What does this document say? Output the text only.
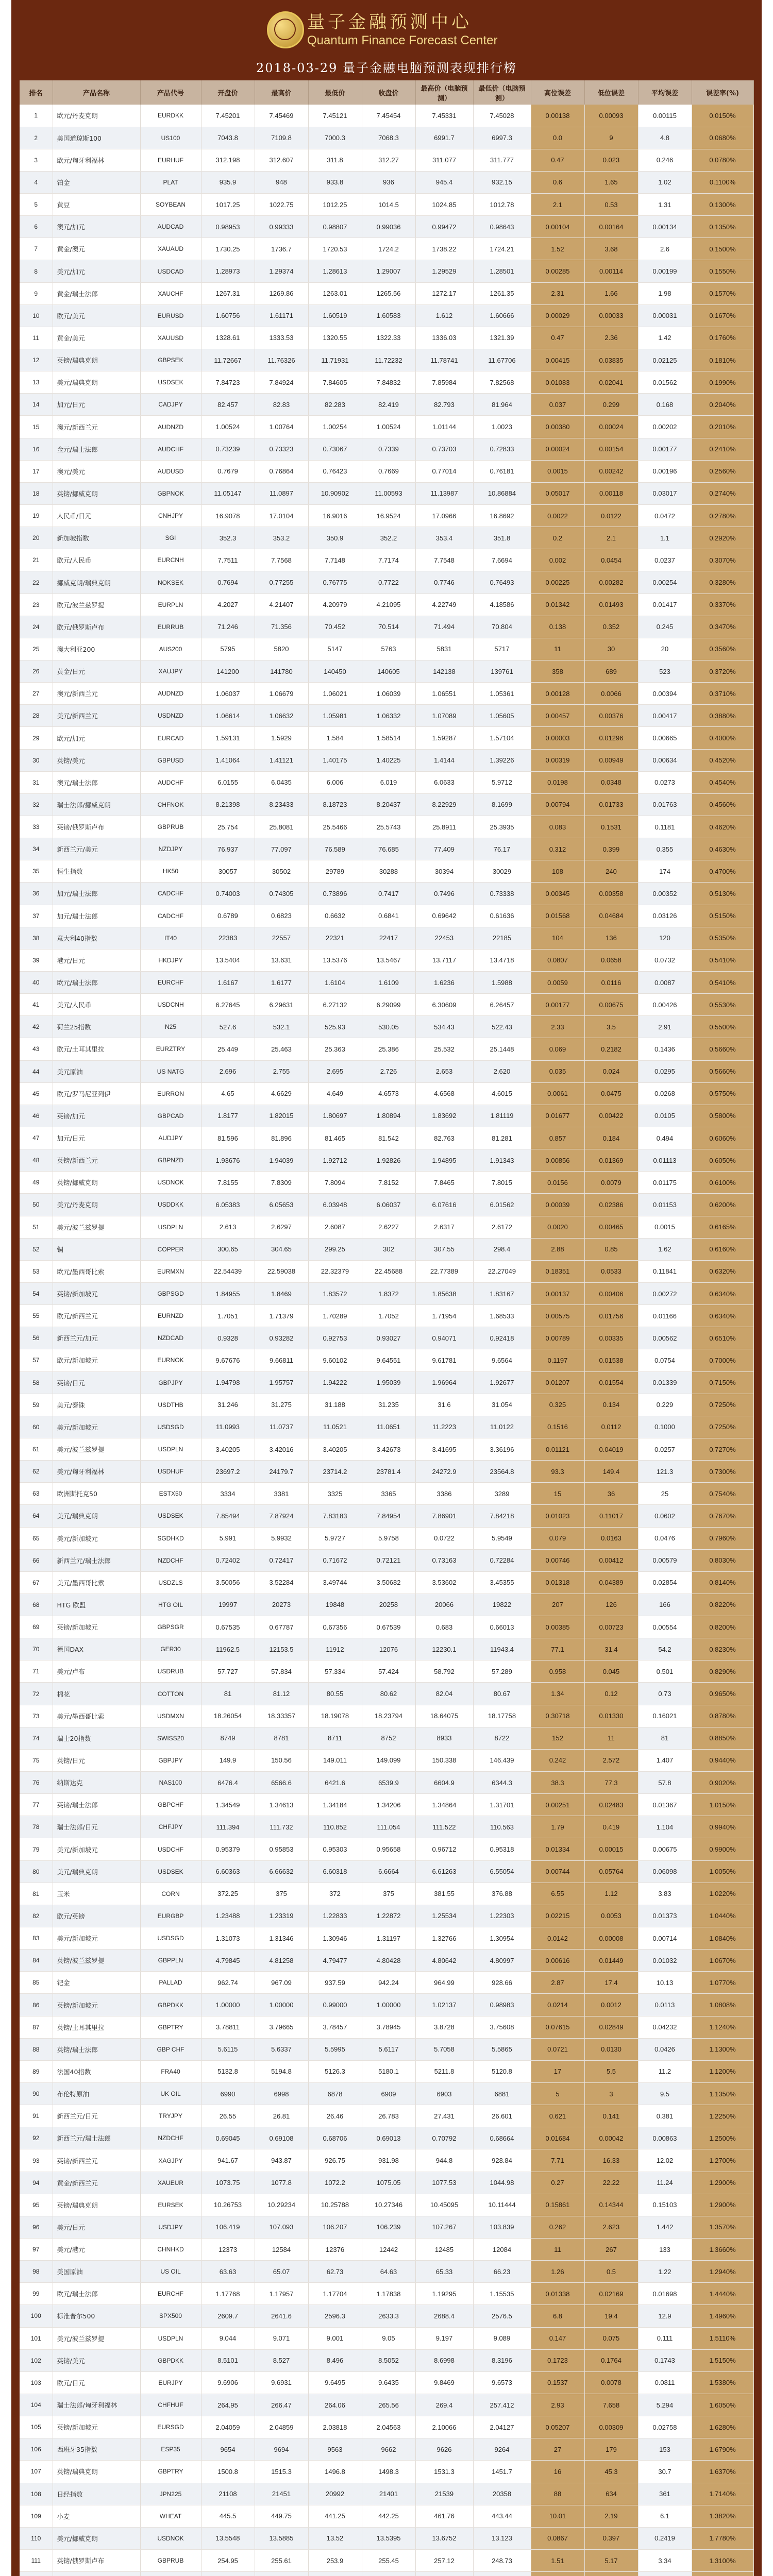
量子金融预测中心
Quantum Finance Forecast Center
2018-03-29 量子金融电脑预测表现排行榜
排名	产品名称	产品代号	开盘价	最高价	最低价	收盘价	最高价（电脑预测）	最低价（电脑预测）	高位误差	低位误差	平均误差	误差率(%)
1	欧元/丹麦克朗	EURDKK	7.45201	7.45469	7.45121	7.45454	7.45331	7.45028	0.00138	0.00093	0.00115	0.0150%
2	美国道琼斯100	US100	7043.8	7109.8	7000.3	7068.3	6991.7	6997.3	0.0	9	4.8	0.0680%
3	欧元/匈牙利福林	EURHUF	312.198	312.607	311.8	312.27	311.077	311.777	0.47	0.023	0.246	0.0780%
4	铂金	PLAT	935.9	948	933.8	936	945.4	932.15	0.6	1.65	1.02	0.1100%
5	黄豆	SOYBEAN	1017.25	1022.75	1012.25	1014.5	1024.85	1012.78	2.1	0.53	1.31	0.1300%
6	澳元/加元	AUDCAD	0.98953	0.99333	0.98807	0.99036	0.99472	0.98643	0.00104	0.00164	0.00134	0.1350%
7	黄金/澳元	XAUAUD	1730.25	1736.7	1720.53	1724.2	1738.22	1724.21	1.52	3.68	2.6	0.1500%
8	美元/加元	USDCAD	1.28973	1.29374	1.28613	1.29007	1.29529	1.28501	0.00285	0.00114	0.00199	0.1550%
9	黄金/瑞士法郎	XAUCHF	1267.31	1269.86	1263.01	1265.56	1272.17	1261.35	2.31	1.66	1.98	0.1570%
10	欧元/美元	EURUSD	1.60756	1.61171	1.60519	1.60583	1.612	1.60666	0.00029	0.00033	0.00031	0.1670%
11	黄金/美元	XAUUSD	1328.61	1333.53	1320.55	1322.33	1336.03	1321.39	0.47	2.36	1.42	0.1760%
12	英镑/瑞典克朗	GBPSEK	11.72667	11.76326	11.71931	11.72232	11.78741	11.67706	0.00415	0.03835	0.02125	0.1810%
13	美元/瑞典克朗	USDSEK	7.84723	7.84924	7.84605	7.84832	7.85984	7.82568	0.01083	0.02041	0.01562	0.1990%
14	加元/日元	CADJPY	82.457	82.83	82.283	82.419	82.793	81.964	0.037	0.299	0.168	0.2040%
15	澳元/新西兰元	AUDNZD	1.00524	1.00764	1.00254	1.00524	1.01144	1.0023	0.00380	0.00024	0.00202	0.2010%
16	金元/瑞士法郎	AUDCHF	0.73239	0.73323	0.73067	0.7339	0.73703	0.72833	0.00024	0.00154	0.00177	0.2410%
17	澳元/美元	AUDUSD	0.7679	0.76864	0.76423	0.7669	0.77014	0.76181	0.0015	0.00242	0.00196	0.2560%
18	英镑/挪威克朗	GBPNOK	11.05147	11.0897	10.90902	11.00593	11.13987	10.86884	0.05017	0.00118	0.03017	0.2740%
19	人民币/日元	CNHJPY	16.9078	17.0104	16.9016	16.9524	17.0966	16.8692	0.0022	0.0122	0.0472	0.2780%
20	新加坡指数	SGI	352.3	353.2	350.9	352.2	353.4	351.8	0.2	2.1	1.1	0.2920%
21	欧元/人民币	EURCNH	7.7511	7.7568	7.7148	7.7174	7.7548	7.6694	0.002	0.0454	0.0237	0.3070%
22	挪威克朗/瑞典克朗	NOKSEK	0.7694	0.77255	0.76775	0.7722	0.7746	0.76493	0.00225	0.00282	0.00254	0.3280%
23	欧元/波兰兹罗提	EURPLN	4.2027	4.21407	4.20979	4.21095	4.22749	4.18586	0.01342	0.01493	0.01417	0.3370%
24	欧元/俄罗斯卢布	EURRUB	71.246	71.356	70.452	70.514	71.494	70.804	0.138	0.352	0.245	0.3470%
25	澳大利亚200	AUS200	5795	5820	5147	5763	5831	5717	11	30	20	0.3560%
26	黄金/日元	XAUJPY	141200	141780	140450	140605	142138	139761	358	689	523	0.3720%
27	澳元/新西兰元	AUDNZD	1.06037	1.06679	1.06021	1.06039	1.06551	1.05361	0.00128	0.0066	0.00394	0.3710%
28	美元/新西兰元	USDNZD	1.06614	1.06632	1.05981	1.06332	1.07089	1.05605	0.00457	0.00376	0.00417	0.3880%
29	欧元/加元	EURCAD	1.59131	1.5929	1.584	1.58514	1.59287	1.57104	0.00003	0.01296	0.00665	0.4000%
30	英镑/美元	GBPUSD	1.41064	1.41121	1.40175	1.40225	1.4144	1.39226	0.00319	0.00949	0.00634	0.4520%
31	澳元/瑞士法郎	AUDCHF	6.0155	6.0435	6.006	6.019	6.0633	5.9712	0.0198	0.0348	0.0273	0.4540%
32	瑞士法郎/挪威克朗	CHFNOK	8.21398	8.23433	8.18723	8.20437	8.22929	8.1699	0.00794	0.01733	0.01763	0.4560%
33	英镑/俄罗斯卢布	GBPRUB	25.754	25.8081	25.5466	25.5743	25.8911	25.3935	0.083	0.1531	0.1181	0.4620%
34	新西兰元/美元	NZDJPY	76.937	77.097	76.589	76.685	77.409	76.17	0.312	0.399	0.355	0.4630%
35	恒生指数	HK50	30057	30502	29789	30288	30394	30029	108	240	174	0.4700%
36	加元/瑞士法郎	CADCHF	0.74003	0.74305	0.73896	0.7417	0.7496	0.73338	0.00345	0.00358	0.00352	0.5130%
37	加元/瑞士法郎	CADCHF	0.6789	0.6823	0.6632	0.6841	0.69642	0.61636	0.01568	0.04684	0.03126	0.5150%
38	意大利40指数	IT40	22383	22557	22321	22417	22453	22185	104	136	120	0.5350%
39	港元/日元	HKDJPY	13.5404	13.631	13.5376	13.5467	13.7117	13.4718	0.0807	0.0658	0.0732	0.5410%
40	欧元/瑞士法郎	EURCHF	1.6167	1.6177	1.6104	1.6109	1.6236	1.5988	0.0059	0.0116	0.0087	0.5410%
41	美元/人民币	USDCNH	6.27645	6.29631	6.27132	6.29099	6.30609	6.26457	0.00177	0.00675	0.00426	0.5530%
42	荷兰25指数	N25	527.6	532.1	525.93	530.05	534.43	522.43	2.33	3.5	2.91	0.5500%
43	欧元/土耳其里拉	EURZTRY	25.449	25.463	25.363	25.386	25.532	25.1448	0.069	0.2182	0.1436	0.5660%
44	美元原油	US NATG	2.696	2.755	2.695	2.726	2.653	2.620	0.035	0.024	0.0295	0.5660%
45	欧元/罗马尼亚列伊	EURRON	4.65	4.6629	4.649	4.6573	4.6568	4.6015	0.0061	0.0475	0.0268	0.5750%
46	英镑/加元	GBPCAD	1.8177	1.82015	1.80697	1.80894	1.83692	1.81119	0.01677	0.00422	0.0105	0.5800%
47	加元/日元	AUDJPY	81.596	81.896	81.465	81.542	82.763	81.281	0.857	0.184	0.494	0.6060%
48	英镑/新西兰元	GBPNZD	1.93676	1.94039	1.92712	1.92826	1.94895	1.91343	0.00856	0.01369	0.01113	0.6050%
49	英镑/挪威克朗	USDNOK	7.8155	7.8309	7.8094	7.8152	7.8465	7.8015	0.0156	0.0079	0.01175	0.6100%
50	美元/丹麦克朗	USDDKK	6.05383	6.05653	6.03948	6.06037	6.07616	6.01562	0.00039	0.02386	0.01153	0.6200%
51	美元/波兰兹罗提	USDPLN	2.613	2.6297	2.6087	2.6227	2.6317	2.6172	0.0020	0.00465	0.0015	0.6165%
52	铜	COPPER	300.65	304.65	299.25	302	307.55	298.4	2.88	0.85	1.62	0.6160%
53	欧元/墨西哥比索	EURMXN	22.54439	22.59038	22.32379	22.45688	22.77389	22.27049	0.18351	0.0533	0.11841	0.6320%
54	英镑/新加坡元	GBPSGD	1.84955	1.8469	1.83572	1.8372	1.85638	1.83167	0.00137	0.00406	0.00272	0.6340%
55	欧元/新西兰元	EURNZD	1.7051	1.71379	1.70289	1.7052	1.71954	1.68533	0.00575	0.01756	0.01166	0.6340%
56	新西兰元/加元	NZDCAD	0.9328	0.93282	0.92753	0.93027	0.94071	0.92418	0.00789	0.00335	0.00562	0.6510%
57	欧元/新加坡元	EURNOK	9.67676	9.66811	9.60102	9.64551	9.61781	9.6564	0.1197	0.01538	0.0754	0.7000%
58	英镑/日元	GBPJPY	1.94798	1.95757	1.94222	1.95039	1.96964	1.92677	0.01207	0.01554	0.01339	0.7150%
59	美元/泰铢	USDTHB	31.246	31.275	31.188	31.235	31.6	31.054	0.325	0.134	0.229	0.7250%
60	美元/新加坡元	USDSGD	11.0993	11.0737	11.0521	11.0651	11.2223	11.0122	0.1516	0.0112	0.1000	0.7250%
61	美元/波兰兹罗提	USDPLN	3.40205	3.42016	3.40205	3.42673	3.41695	3.36196	0.01121	0.04019	0.0257	0.7270%
62	美元/匈牙利福林	USDHUF	23697.2	24179.7	23714.2	23781.4	24272.9	23564.8	93.3	149.4	121.3	0.7300%
63	欧洲斯托克50	ESTX50	3334	3381	3325	3365	3386	3289	15	36	25	0.7540%
64	美元/瑞典克朗	USDSEK	7.85494	7.87924	7.83183	7.84954	7.86901	7.84218	0.01023	0.11017	0.0602	0.7670%
65	美元/新加坡元	SGDHKD	5.991	5.9932	5.9727	5.9758	0.0722	5.9549	0.079	0.0163	0.0476	0.7960%
66	新西兰元/瑞士法郎	NZDCHF	0.72402	0.72417	0.71672	0.72121	0.73163	0.72284	0.00746	0.00412	0.00579	0.8030%
67	美元/墨西哥比索	USDZLS	3.50056	3.52284	3.49744	3.50682	3.53602	3.45355	0.01318	0.04389	0.02854	0.8140%
68	HTG 欧盟	HTG OIL	19997	20273	19848	20258	20066	19822	207	126	166	0.8220%
69	英镑/新加坡元	GBPSGR	0.67535	0.67787	0.67356	0.67539	0.683	0.66013	0.00385	0.00723	0.00554	0.8200%
70	德国DAX	GER30	11962.5	12153.5	11912	12076	12230.1	11943.4	77.1	31.4	54.2	0.8230%
71	美元/卢布	USDRUB	57.727	57.834	57.334	57.424	58.792	57.289	0.958	0.045	0.501	0.8290%
72	棉花	COTTON	81	81.12	80.55	80.62	82.04	80.67	1.34	0.12	0.73	0.9650%
73	美元/墨西哥比索	USDMXN	18.26054	18.33357	18.19078	18.23794	18.64075	18.17758	0.30718	0.01330	0.16021	0.8780%
74	瑞士20指数	SWISS20	8749	8781	8711	8752	8933	8722	152	11	81	0.8850%
75	英镑/日元	GBPJPY	149.9	150.56	149.011	149.099	150.338	146.439	0.242	2.572	1.407	0.9440%
76	纳斯达克	NAS100	6476.4	6566.6	6421.6	6539.9	6604.9	6344.3	38.3	77.3	57.8	0.9020%
77	英镑/瑞士法郎	GBPCHF	1.34549	1.34613	1.34184	1.34206	1.34864	1.31701	0.00251	0.02483	0.01367	1.0150%
78	瑞士法郎/日元	CHFJPY	111.394	111.732	110.852	111.054	111.522	110.563	1.79	0.419	1.104	0.9940%
79	美元/新加坡元	USDCHF	0.95379	0.95853	0.95303	0.95658	0.96712	0.95318	0.01334	0.00015	0.00675	0.9900%
80	美元/瑞典克朗	USDSEK	6.60363	6.66632	6.60318	6.6664	6.61263	6.55054	0.00744	0.05764	0.06098	1.0050%
81	玉米	CORN	372.25	375	372	375	381.55	376.88	6.55	1.12	3.83	1.0220%
82	欧元/英镑	EURGBP	1.23488	1.23319	1.22833	1.22872	1.25534	1.22303	0.02215	0.0053	0.01373	1.0440%
83	美元/新加坡元	USDSGD	1.31073	1.31346	1.30946	1.31197	1.32766	1.30954	0.0142	0.00008	0.00714	1.0840%
84	英镑/波兰兹罗提	GBPPLN	4.79845	4.81258	4.79477	4.80428	4.80642	4.80997	0.00616	0.01449	0.01032	1.0670%
85	钯金	PALLAD	962.74	967.09	937.59	942.24	964.99	928.66	2.87	17.4	10.13	1.0770%
86	英镑/新加坡元	GBPDKK	1.00000	1.00000	0.99000	1.00000	1.02137	0.98983	0.0214	0.0012	0.0113	1.0808%
87	英镑/土耳其里拉	GBPTRY	3.78811	3.79665	3.78457	3.78945	3.8728	3.75608	0.07615	0.02849	0.04232	1.1240%
88	英镑/瑞士法郎	GBP CHF	5.6115	5.6337	5.5995	5.6117	5.7058	5.5865	0.0721	0.0130	0.0426	1.1300%
89	法国40指数	FRA40	5132.8	5194.8	5126.3	5180.1	5211.8	5120.8	17	5.5	11.2	1.1200%
90	布伦特原油	UK OIL	6990	6998	6878	6909	6903	6881	5	3	9.5	1.1350%
91	新西兰元/日元	TRYJPY	26.55	26.81	26.46	26.783	27.431	26.601	0.621	0.141	0.381	1.2250%
92	新西兰元/瑞士法郎	NZDCHF	0.69045	0.69108	0.68706	0.69013	0.70792	0.68664	0.01684	0.00042	0.00863	1.2500%
93	英镑/新西兰元	XAGJPY	941.67	943.87	926.75	931.98	944.8	928.84	7.71	16.33	12.02	1.2700%
94	黄金/新西兰元	XAUEUR	1073.75	1077.8	1072.2	1075.05	1077.53	1044.98	0.27	22.22	11.24	1.2900%
95	英镑/瑞典克朗	EURSEK	10.26753	10.29234	10.25788	10.27346	10.45095	10.11444	0.15861	0.14344	0.15103	1.2900%
96	美元/日元	USDJPY	106.419	107.093	106.207	106.239	107.267	103.839	0.262	2.623	1.442	1.3570%
97	美元/港元	CHNHKD	12373	12584	12376	12442	12485	12084	11	267	133	1.3660%
98	美国原油	US OIL	63.63	65.07	62.73	64.63	65.33	66.23	1.26	0.5	1.22	1.2940%
99	欧元/瑞士法郎	EURCHF	1.17768	1.17957	1.17704	1.17838	1.19295	1.15535	0.01338	0.02169	0.01698	1.4440%
100	标准普尔500	SPX500	2609.7	2641.6	2596.3	2633.3	2688.4	2576.5	6.8	19.4	12.9	1.4960%
101	美元/波兰兹罗提	USDPLN	9.044	9.071	9.001	9.05	9.197	9.089	0.147	0.075	0.111	1.5110%
102	英镑/美元	GBPDKK	8.5101	8.527	8.496	8.5052	8.6998	8.3196	0.1723	0.1764	0.1743	1.5150%
103	欧元/日元	EURJPY	9.6906	9.6931	9.6495	9.6435	9.8469	9.6573	0.1537	0.0078	0.0811	1.5380%
104	瑞士法郎/匈牙利福林	CHFHUF	264.95	266.47	264.06	265.56	269.4	257.412	2.93	7.658	5.294	1.6050%
105	英镑/新加坡元	EURSGD	2.04059	2.04859	2.03818	2.04563	2.10066	2.04127	0.05207	0.00309	0.02758	1.6280%
106	西班牙35指数	ESP35	9654	9694	9563	9662	9626	9264	27	179	153	1.6790%
107	英镑/瑞典克朗	GBPTRY	1500.8	1515.3	1496.8	1498.3	1531.3	1451.7	16	45.3	30.7	1.6370%
108	日经指数	JPN225	21108	21451	20992	21401	21539	20358	88	634	361	1.7140%
109	小麦	WHEAT	445.5	449.75	441.25	442.25	461.76	443.44	10.01	2.19	6.1	1.3820%
110	美元/挪威克朗	USDNOK	13.5548	13.5885	13.52	13.5395	13.6752	13.123	0.0867	0.397	0.2419	1.7780%
111	英镑/俄罗斯卢布	GBPRUB	254.95	255.61	253.9	255.45	257.12	248.73	1.51	5.17	3.34	1.3100%
